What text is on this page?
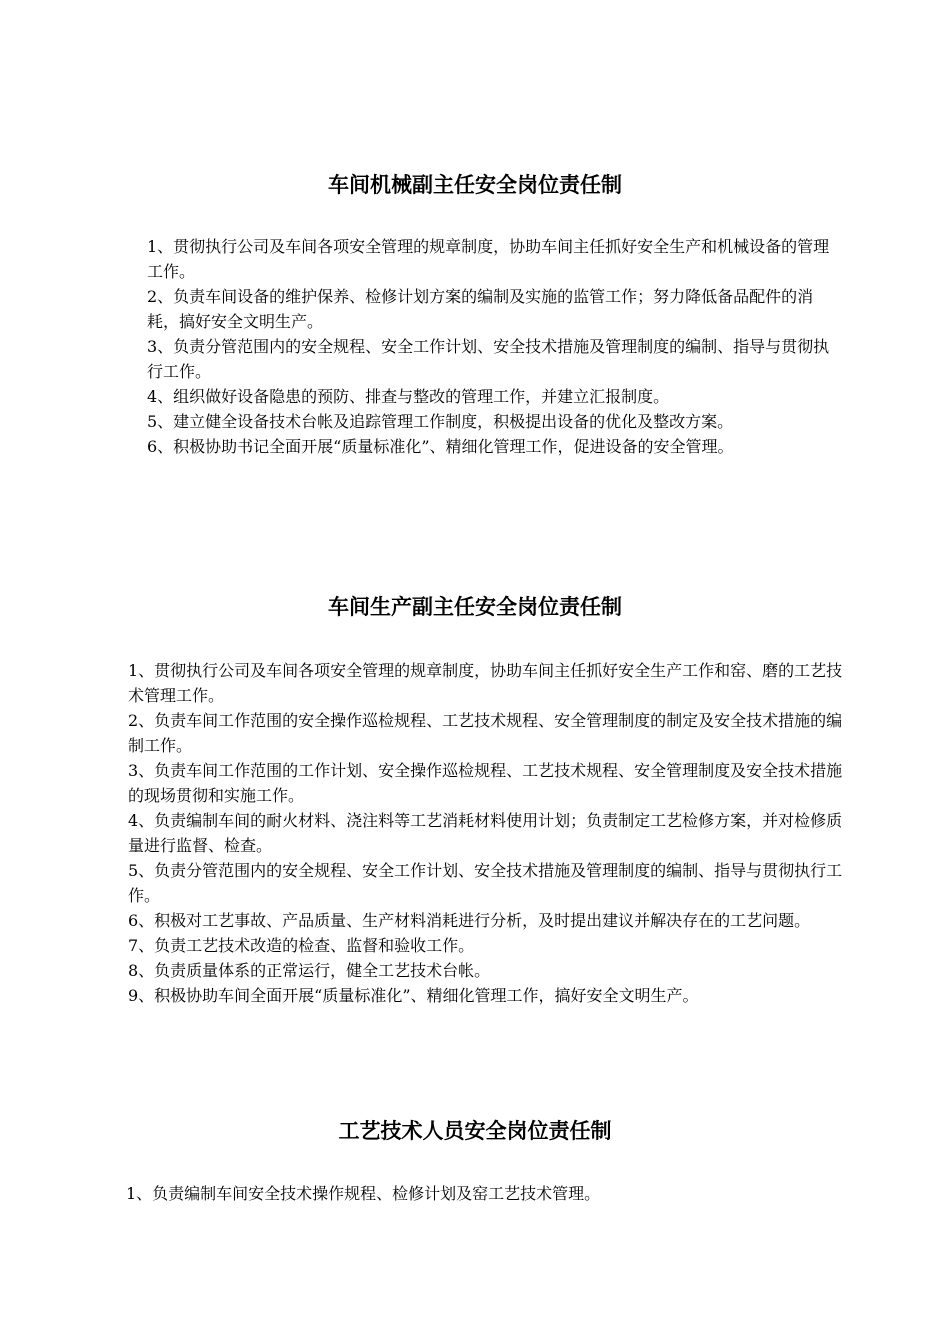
车间机械副主任安全岗位责任制
1、贯彻执行公司及车间各项安全管理的规章制度，协助车间主任抓好安全生产和机械设备的管理工作。
2、负责车间设备的维护保养、检修计划方案的编制及实施的监管工作；努力降低备品配件的消耗，搞好安全文明生产。
3、负责分管范围内的安全规程、安全工作计划、安全技术措施及管理制度的编制、指导与贯彻执行工作。
4、组织做好设备隐患的预防、排查与整改的管理工作，并建立汇报制度。
5、建立健全设备技术台帐及追踪管理工作制度，积极提出设备的优化及整改方案。
6、积极协助书记全面开展“质量标准化”、精细化管理工作，促进设备的安全管理。
车间生产副主任安全岗位责任制
1、贯彻执行公司及车间各项安全管理的规章制度，协助车间主任抓好安全生产工作和窑、磨的工艺技术管理工作。
2、负责车间工作范围的安全操作巡检规程、工艺技术规程、安全管理制度的制定及安全技术措施的编制工作。
3、负责车间工作范围的工作计划、安全操作巡检规程、工艺技术规程、安全管理制度及安全技术措施的现场贯彻和实施工作。
4、负责编制车间的耐火材料、浇注料等工艺消耗材料使用计划；负责制定工艺检修方案，并对检修质量进行监督、检查。
5、负责分管范围内的安全规程、安全工作计划、安全技术措施及管理制度的编制、指导与贯彻执行工作。
6、积极对工艺事故、产品质量、生产材料消耗进行分析，及时提出建议并解决存在的工艺问题。
7、负责工艺技术改造的检查、监督和验收工作。
8、负责质量体系的正常运行，健全工艺技术台帐。
9、积极协助车间全面开展“质量标准化”、精细化管理工作，搞好安全文明生产。
工艺技术人员安全岗位责任制
1、负责编制车间安全技术操作规程、检修计划及窑工艺技术管理。
